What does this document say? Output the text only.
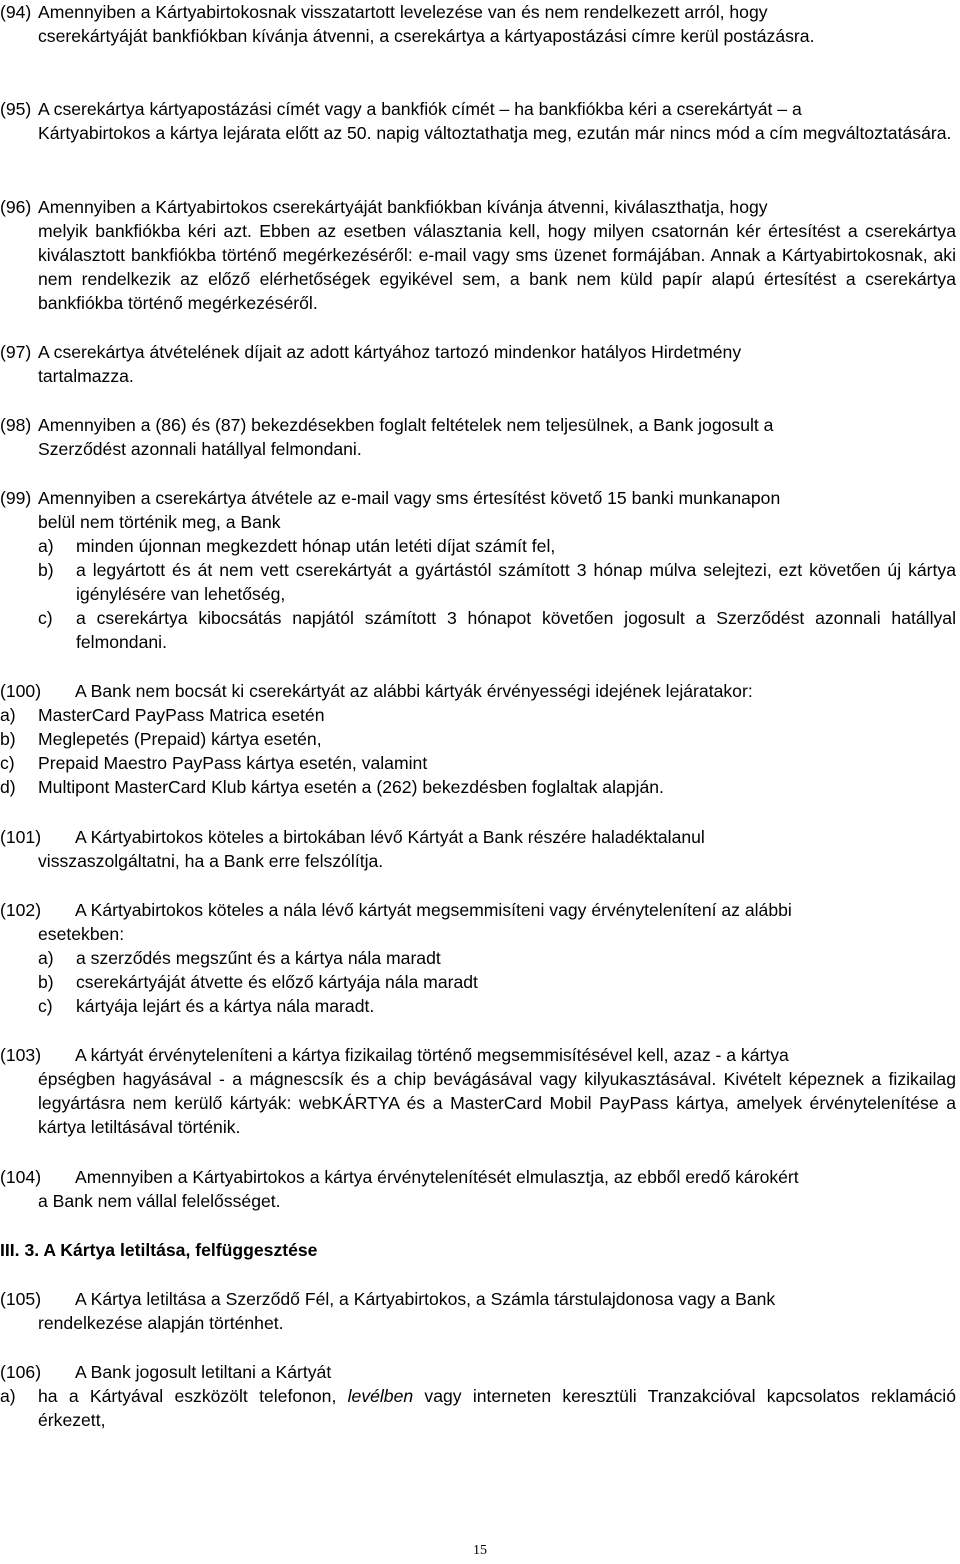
(94) Amennyiben a Kártyabirtokosnak visszatartott levelezése van és nem rendelkezett arról, hogy
cserekártyáját bankfiókban kívánja átvenni, a cserekártya a kártyapostázási címre kerül postázásra.
(95) A cserekártya kártyapostázási címét vagy a bankfiók címét – ha bankfiókba kéri a cserekártyát – a
Kártyabirtokos a kártya lejárata előtt az 50. napig változtathatja meg, ezután már nincs mód a cím megváltoztatására.
(96) Amennyiben a Kártyabirtokos cserekártyáját bankfiókban kívánja átvenni, kiválaszthatja, hogy
melyik bankfiókba kéri azt. Ebben az esetben választania kell, hogy milyen csatornán kér értesítést a cserekártya kiválasztott bankfiókba történő megérkezéséről: e-mail vagy sms üzenet formájában. Annak a Kártyabirtokosnak, aki nem rendelkezik az előző elérhetőségek egyikével sem, a bank nem küld papír alapú értesítést a cserekártya bankfiókba történő megérkezéséről.
(97) A cserekártya átvételének díjait az adott kártyához tartozó mindenkor hatályos Hirdetmény
tartalmazza.
(98) Amennyiben a (86) és (87) bekezdésekben foglalt feltételek nem teljesülnek, a Bank jogosult a
Szerződést azonnali hatállyal felmondani.
(99) Amennyiben a cserekártya átvétele az e-mail vagy sms értesítést követő 15 banki munkanapon
belül nem történik meg, a Bank
a)	minden újonnan megkezdett hónap után letéti díjat számít fel,
b)	a legyártott és át nem vett cserekártyát a gyártástól számított 3 hónap múlva selejtezi, ezt követően új kártya igénylésére van lehetőség,
c)	a cserekártya kibocsátás napjától számított 3 hónapot követően jogosult a Szerződést azonnali hatállyal felmondani.
(100)	A Bank nem bocsát ki cserekártyát az alábbi kártyák érvényességi idejének lejáratakor:
a)	MasterCard PayPass Matrica esetén
b)	Meglepetés (Prepaid) kártya esetén,
c)	Prepaid Maestro PayPass kártya esetén, valamint
d)	Multipont MasterCard Klub kártya esetén a (262) bekezdésben foglaltak alapján.
(101)	A Kártyabirtokos köteles a birtokában lévő Kártyát a Bank részére haladéktalanul
visszaszolgáltatni, ha a Bank erre felszólítja.
(102)	A Kártyabirtokos köteles a nála lévő kártyát megsemmisíteni vagy érvénytelenítení az alábbi
esetekben:
a)	a szerződés megszűnt és a kártya nála maradt
b)	cserekártyáját átvette és előző kártyája nála maradt
c)	kártyája lejárt és a kártya nála maradt.
(103)	A kártyát érvényteleníteni a kártya fizikailag történő megsemmisítésével kell, azaz - a kártya
épségben hagyásával - a mágnescsík és a chip bevágásával vagy kilyukasztásával. Kivételt képeznek a fizikailag legyártásra nem kerülő kártyák: webKÁRTYA és a MasterCard Mobil PayPass kártya, amelyek érvénytelenítése a kártya letiltásával történik.
(104)	Amennyiben a Kártyabirtokos a kártya érvénytelenítését elmulasztja, az ebből eredő károkért
a Bank nem vállal felelősséget.
III. 3. A Kártya letiltása, felfüggesztése
(105)	A Kártya letiltása a Szerződő Fél, a Kártyabirtokos, a Számla társtulajdonosa vagy a Bank
rendelkezése alapján történhet.
(106)	A Bank jogosult letiltani a Kártyát
a)	ha a Kártyával eszközölt telefonon, levélben vagy interneten keresztüli Tranzakcióval kapcsolatos reklamáció érkezett,
15
